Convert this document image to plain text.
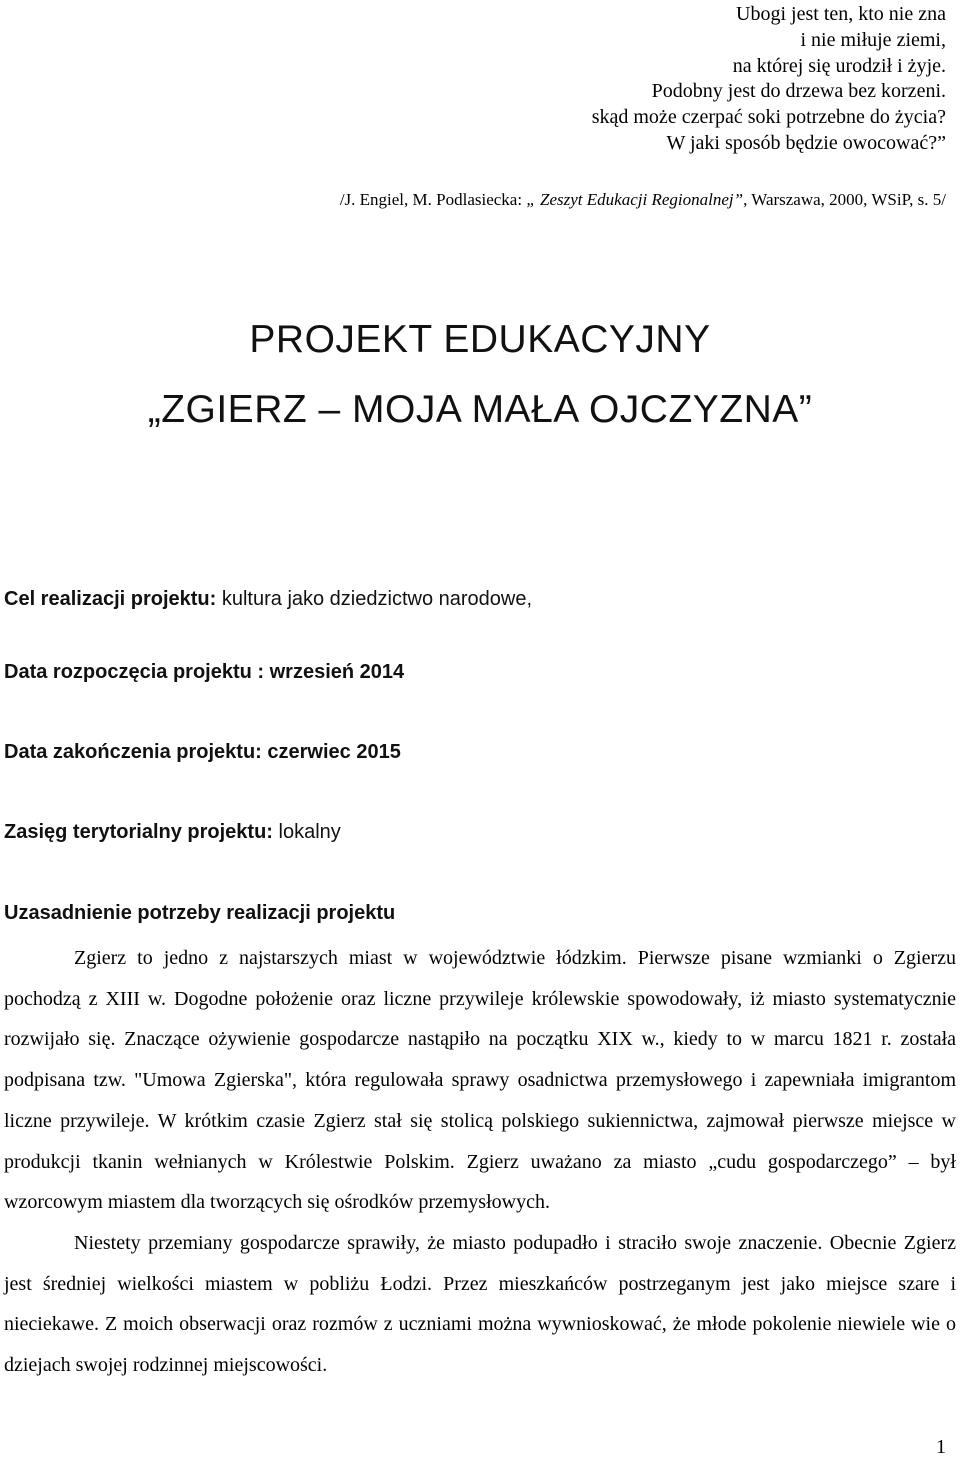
Ubogi jest ten, kto nie zna
i nie miłuje ziemi,
na której się urodził i żyje.
Podobny jest do drzewa bez korzeni.
skąd może czerpać soki potrzebne do życia?
W jaki sposób będzie owocować?”
/J. Engiel, M. Podlasiecka: „ Zeszyt Edukacji Regionalnej”, Warszawa, 2000, WSiP, s. 5/
PROJEKT EDUKACYJNY
„ZGIERZ – MOJA MAŁA OJCZYZNA”
Cel realizacji projektu: kultura jako dziedzictwo narodowe,
Data rozpoczęcia projektu : wrzesień 2014
Data zakończenia projektu: czerwiec 2015
Zasięg terytorialny projektu: lokalny
Uzasadnienie potrzeby realizacji projektu

Zgierz to jedno z najstarszych miast w województwie łódzkim. Pierwsze pisane wzmianki o Zgierzu pochodzą z XIII w. Dogodne położenie oraz liczne przywileje królewskie spowodowały, iż miasto systematycznie rozwijało się. Znaczące ożywienie gospodarcze nastąpiło na początku XIX w., kiedy to w marcu 1821 r. została podpisana tzw. "Umowa Zgierska", która regulowała sprawy osadnictwa przemysłowego i zapewniała imigrantom liczne przywileje. W krótkim czasie Zgierz stał się stolicą polskiego sukiennictwa, zajmował pierwsze miejsce w produkcji tkanin wełnianych w Królestwie Polskim. Zgierz uważano za miasto „cudu gospodarczego” – był wzorcowym miastem dla tworzących się ośrodków przemysłowych.

Niestety przemiany gospodarcze sprawiły, że miasto podupadło i straciło swoje znaczenie. Obecnie Zgierz jest średniej wielkości miastem w pobliżu Łodzi. Przez mieszkańców postrzeganym jest jako miejsce szare i nieciekawe. Z moich obserwacji oraz rozmów z uczniami można wywnioskować, że młode pokolenie niewiele wie o dziejach swojej rodzinnej miejscowości.

1
